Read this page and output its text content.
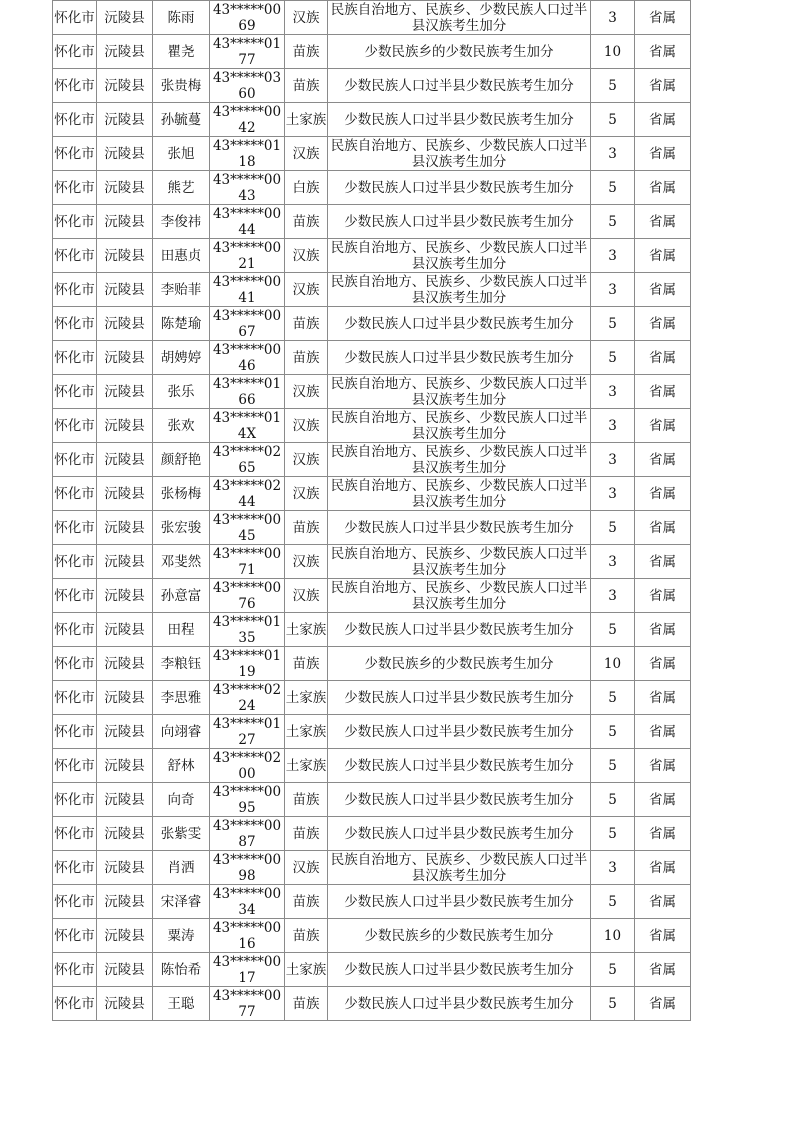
怀化市	沅陵县	陈雨	43*****0069	汉族	民族自治地方、民族乡、少数民族人口过半县汉族考生加分	3	省属
怀化市	沅陵县	瞿尧	43*****0177	苗族	少数民族乡的少数民族考生加分	10	省属
怀化市	沅陵县	张贵梅	43*****0360	苗族	少数民族人口过半县少数民族考生加分	5	省属
怀化市	沅陵县	孙毓蔓	43*****0042	土家族	少数民族人口过半县少数民族考生加分	5	省属
怀化市	沅陵县	张旭	43*****0118	汉族	民族自治地方、民族乡、少数民族人口过半县汉族考生加分	3	省属
怀化市	沅陵县	熊艺	43*****0043	白族	少数民族人口过半县少数民族考生加分	5	省属
怀化市	沅陵县	李俊祎	43*****0044	苗族	少数民族人口过半县少数民族考生加分	5	省属
怀化市	沅陵县	田惠贞	43*****0021	汉族	民族自治地方、民族乡、少数民族人口过半县汉族考生加分	3	省属
怀化市	沅陵县	李贻菲	43*****0041	汉族	民族自治地方、民族乡、少数民族人口过半县汉族考生加分	3	省属
怀化市	沅陵县	陈楚瑜	43*****0067	苗族	少数民族人口过半县少数民族考生加分	5	省属
怀化市	沅陵县	胡娉婷	43*****0046	苗族	少数民族人口过半县少数民族考生加分	5	省属
怀化市	沅陵县	张乐	43*****0166	汉族	民族自治地方、民族乡、少数民族人口过半县汉族考生加分	3	省属
怀化市	沅陵县	张欢	43*****014X	汉族	民族自治地方、民族乡、少数民族人口过半县汉族考生加分	3	省属
怀化市	沅陵县	颜舒艳	43*****0265	汉族	民族自治地方、民族乡、少数民族人口过半县汉族考生加分	3	省属
怀化市	沅陵县	张杨梅	43*****0244	汉族	民族自治地方、民族乡、少数民族人口过半县汉族考生加分	3	省属
怀化市	沅陵县	张宏骏	43*****0045	苗族	少数民族人口过半县少数民族考生加分	5	省属
怀化市	沅陵县	邓斐然	43*****0071	汉族	民族自治地方、民族乡、少数民族人口过半县汉族考生加分	3	省属
怀化市	沅陵县	孙意富	43*****0076	汉族	民族自治地方、民族乡、少数民族人口过半县汉族考生加分	3	省属
怀化市	沅陵县	田程	43*****0135	土家族	少数民族人口过半县少数民族考生加分	5	省属
怀化市	沅陵县	李粮钰	43*****0119	苗族	少数民族乡的少数民族考生加分	10	省属
怀化市	沅陵县	李思雅	43*****0224	土家族	少数民族人口过半县少数民族考生加分	5	省属
怀化市	沅陵县	向翊睿	43*****0127	土家族	少数民族人口过半县少数民族考生加分	5	省属
怀化市	沅陵县	舒林	43*****0200	土家族	少数民族人口过半县少数民族考生加分	5	省属
怀化市	沅陵县	向奇	43*****0095	苗族	少数民族人口过半县少数民族考生加分	5	省属
怀化市	沅陵县	张紫雯	43*****0087	苗族	少数民族人口过半县少数民族考生加分	5	省属
怀化市	沅陵县	肖洒	43*****0098	汉族	民族自治地方、民族乡、少数民族人口过半县汉族考生加分	3	省属
怀化市	沅陵县	宋泽睿	43*****0034	苗族	少数民族人口过半县少数民族考生加分	5	省属
怀化市	沅陵县	粟涛	43*****0016	苗族	少数民族乡的少数民族考生加分	10	省属
怀化市	沅陵县	陈怡希	43*****0017	土家族	少数民族人口过半县少数民族考生加分	5	省属
怀化市	沅陵县	王聪	43*****0077	苗族	少数民族人口过半县少数民族考生加分	5	省属
